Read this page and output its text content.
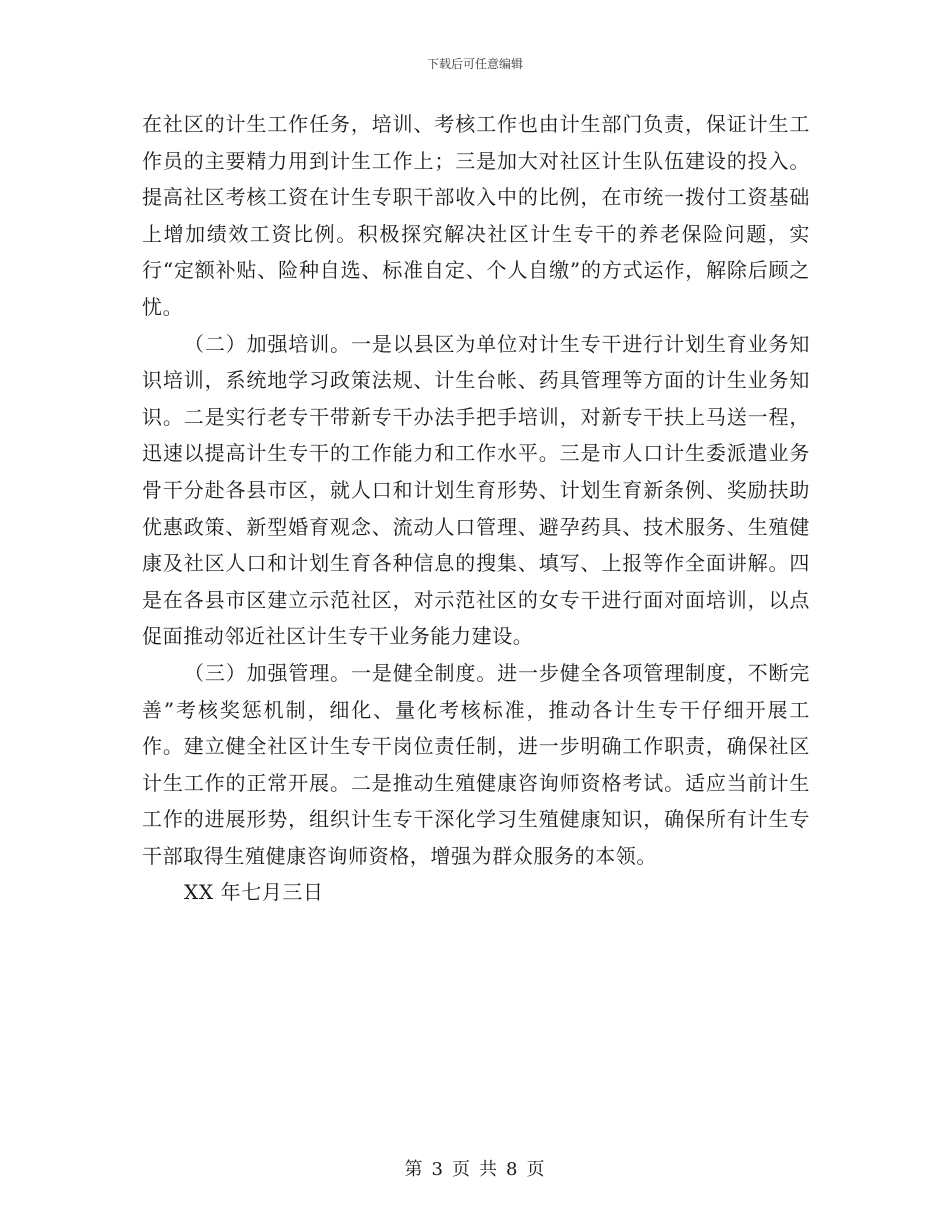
下载后可任意编辑

在社区的计生工作任务，培训、考核工作也由计生部门负责，保证计生工作员的主要精力用到计生工作上；三是加大对社区计生队伍建设的投入。提高社区考核工资在计生专职干部收入中的比例，在市统一拨付工资基础上增加绩效工资比例。积极探究解决社区计生专干的养老保险问题，实行“定额补贴、险种自选、标准自定、个人自缴”的方式运作，解除后顾之忧。

（二）加强培训。一是以县区为单位对计生专干进行计划生育业务知识培训，系统地学习政策法规、计生台帐、药具管理等方面的计生业务知识。二是实行老专干带新专干办法手把手培训，对新专干扶上马送一程，迅速以提高计生专干的工作能力和工作水平。三是市人口计生委派遣业务骨干分赴各县市区，就人口和计划生育形势、计划生育新条例、奖励扶助优惠政策、新型婚育观念、流动人口管理、避孕药具、技术服务、生殖健康及社区人口和计划生育各种信息的搜集、填写、上报等作全面讲解。四是在各县市区建立示范社区，对示范社区的女专干进行面对面培训，以点促面推动邻近社区计生专干业务能力建设。

（三）加强管理。一是健全制度。进一步健全各项管理制度，不断完善”考核奖惩机制，细化、量化考核标准，推动各计生专干仔细开展工作。建立健全社区计生专干岗位责任制，进一步明确工作职责，确保社区计生工作的正常开展。二是推动生殖健康咨询师资格考试。适应当前计生工作的进展形势，组织计生专干深化学习生殖健康知识，确保所有计生专干部取得生殖健康咨询师资格，增强为群众服务的本领。

XX 年七月三日

第 3 页 共 8 页
